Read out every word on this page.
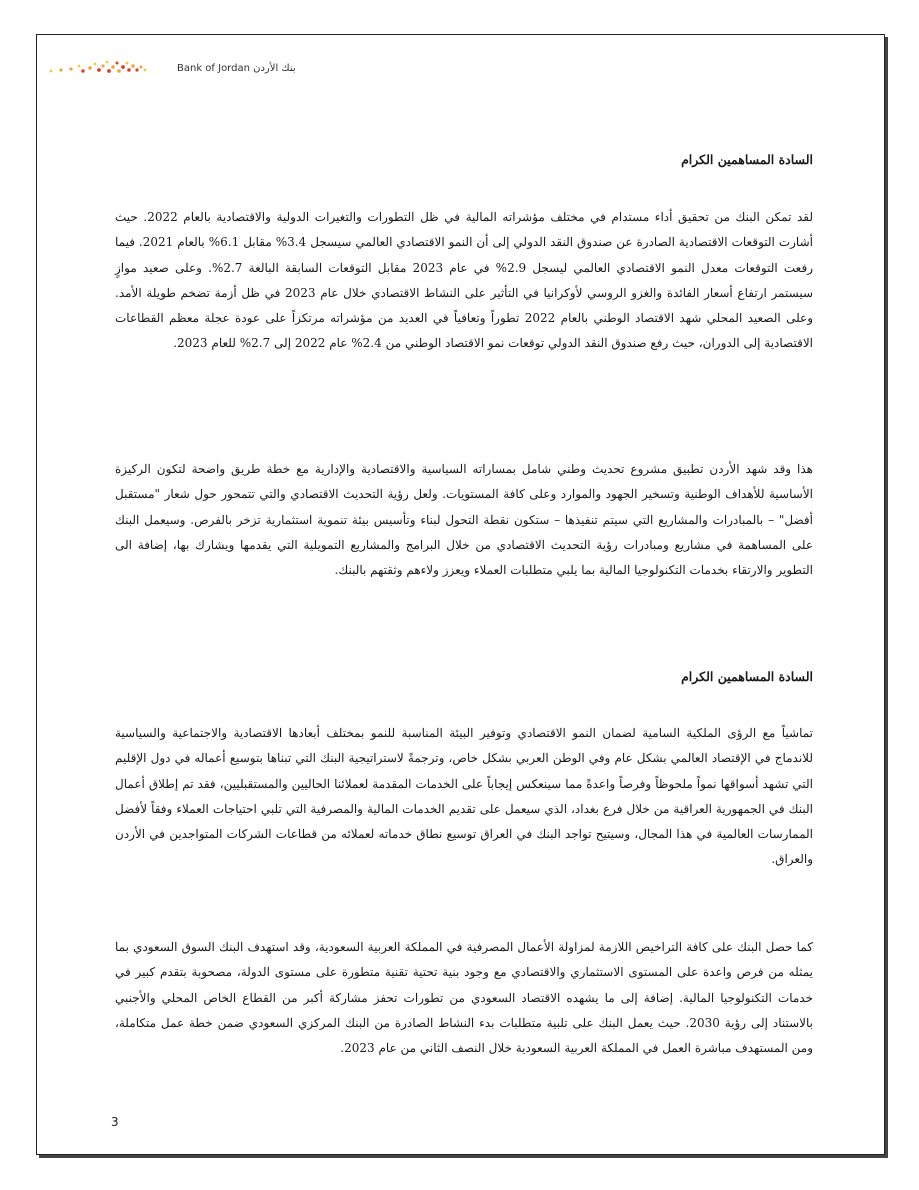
Bank of Jordan بنك الأردن
السادة المساهمين الكرام

لقد تمكن البنك من تحقيق أداء مستدام في مختلف مؤشراته المالية في ظل التطورات والتغيرات الدولية والاقتصادية بالعام 2022. حيث أشارت التوقعات الاقتصادية الصادرة عن صندوق النقد الدولي إلى أن النمو الاقتصادي العالمي سيسجل 3.4% مقابل 6.1% بالعام 2021. فيما رفعت التوقعات معدل النمو الاقتصادي العالمي ليسجل 2.9% في عام 2023 مقابل التوقعات السابقة البالغة 2.7%. وعلى صعيد موازٍ سيستمر ارتفاع أسعار الفائدة والغزو الروسي لأوكرانيا في التأثير على النشاط الاقتصادي خلال عام 2023 في ظل أزمة تضخم طويلة الأمد. وعلى الصعيد المحلي شهد الاقتصاد الوطني بالعام 2022 تطوراً وتعافياً في العديد من مؤشراته مرتكزاً على عودة عجلة معظم القطاعات الاقتصادية إلى الدوران، حيث رفع صندوق النقد الدولي توقعات نمو الاقتصاد الوطني من 2.4% عام 2022 إلى 2.7% للعام 2023.

هذا وقد شهد الأردن تطبيق مشروع تحديث وطني شامل بمساراته السياسية والاقتصادية والإدارية مع خطة طريق واضحة لتكون الركيزة الأساسية للأهداف الوطنية وتسخير الجهود والموارد وعلى كافة المستويات. ولعل رؤية التحديث الاقتصادي والتي تتمحور حول شعار "مستقبل أفضل" – بالمبادرات والمشاريع التي سيتم تنفيذها – ستكون نقطة التحول لبناء وتأسيس بيئة تنموية استثمارية تزخر بالفرص. وسيعمل البنك على المساهمة في مشاريع ومبادرات رؤية التحديث الاقتصادي من خلال البرامج والمشاريع التمويلية التي يقدمها ويشارك بها، إضافة الى التطوير والارتقاء بخدمات التكنولوجيا المالية بما يلبي متطلبات العملاء ويعزز ولاءهم وثقتهم بالبنك.

السادة المساهمين الكرام

تماشياً مع الرؤى الملكية السامية لضمان النمو الاقتصادي وتوفير البيئة المناسبة للنمو بمختلف أبعادها الاقتصادية والاجتماعية والسياسية للاندماج في الإقتصاد العالمي بشكل عام وفي الوطن العربي بشكل خاص، وترجمةً لاستراتيجية البنك التي تبناها بتوسيع أعماله في دول الإقليم التي تشهد أسواقها نمواً ملحوظاً وفرصاً واعدةً مما سينعكس إيجاباً على الخدمات المقدمة لعملائنا الحاليين والمستقبليين، فقد تم إطلاق أعمال البنك في الجمهورية العراقية من خلال فرع بغداد، الذي سيعمل على تقديم الخدمات المالية والمصرفية التي تلبي احتياجات العملاء وفقاً لأفضل الممارسات العالمية في هذا المجال، وسيتيح تواجد البنك في العراق توسيع نطاق خدماته لعملائه من قطاعات الشركات المتواجدين في الأردن والعراق.

كما حصل البنك على كافة التراخيص اللازمة لمزاولة الأعمال المصرفية في المملكة العربية السعودية، وقد استهدف البنك السوق السعودي بما يمثله من فرص واعدة على المستوى الاستثماري والاقتصادي مع وجود بنية تحتية تقنية متطورة على مستوى الدولة، مصحوبة بتقدم كبير في خدمات التكنولوجيا المالية. إضافة إلى ما يشهده الاقتصاد السعودي من تطورات تحفز مشاركة أكبر من القطاع الخاص المحلي والأجنبي بالاستناد إلى رؤية 2030. حيث يعمل البنك على تلبية متطلبات بدء النشاط الصادرة من البنك المركزي السعودي ضمن خطة عمل متكاملة، ومن المستهدف مباشرة العمل في المملكة العربية السعودية خلال النصف الثاني من عام 2023.

3
